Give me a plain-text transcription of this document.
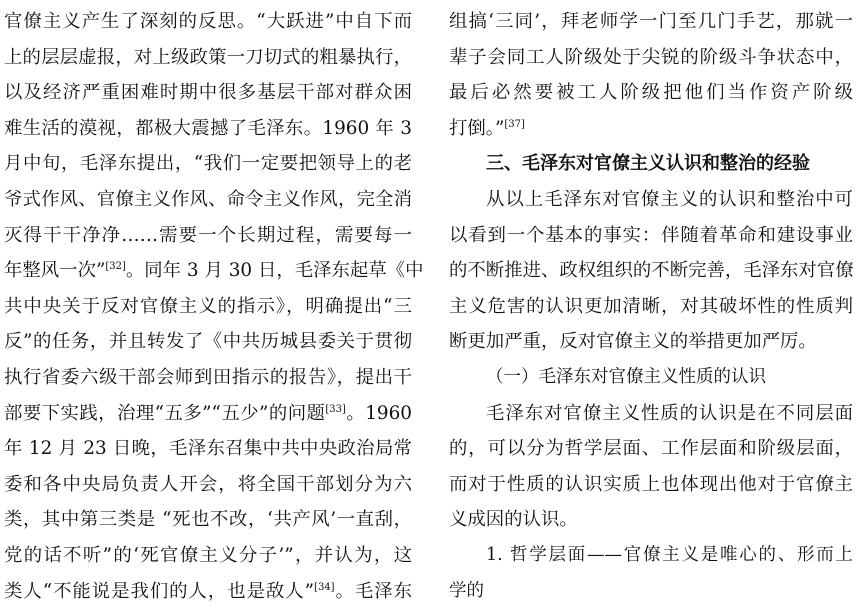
官僚主义产生了深刻的反思。“大跃进”中自下而
上的层层虚报，对上级政策一刀切式的粗暴执行，
以及经济严重困难时期中很多基层干部对群众困
难生活的漠视，都极大震撼了毛泽东。1960 年 3
月中旬，毛泽东提出，“我们一定要把领导上的老
爷式作风、官僚主义作风、命令主义作风，完全消
灭得干干净净……需要一个长期过程，需要每一
年整风一次”[32]。同年 3 月 30 日，毛泽东起草《中
共中央关于反对官僚主义的指示》，明确提出“三
反”的任务，并且转发了《中共历城县委关于贯彻
执行省委六级干部会师到田指示的报告》，提出干
部要下实践，治理“五多”“五少”的问题[33]。1960
年 12 月 23 日晚，毛泽东召集中共中央政治局常
委和各中央局负责人开会，将全国干部划分为六
类，其中第三类是 “死也不改，‘共产风’一直刮，
党的话不听”的‘死官僚主义分子’”，并认为，这
类人“不能说是我们的人，也是敌人”[34]。毛泽东
组搞‘三同’，拜老师学一门至几门手艺，那就一
辈子会同工人阶级处于尖锐的阶级斗争状态中，
最后必然要被工人阶级把他们当作资产阶级
打倒。”[37]
三、毛泽东对官僚主义认识和整治的经验
从以上毛泽东对官僚主义的认识和整治中可
以看到一个基本的事实：伴随着革命和建设事业
的不断推进、政权组织的不断完善，毛泽东对官僚
主义危害的认识更加清晰，对其破坏性的性质判
断更加严重，反对官僚主义的举措更加严厉。
（一）毛泽东对官僚主义性质的认识
毛泽东对官僚主义性质的认识是在不同层面
的，可以分为哲学层面、工作层面和阶级层面，
而对于性质的认识实质上也体现出他对于官僚主
义成因的认识。
1. 哲学层面——官僚主义是唯心的、形而上
学的
